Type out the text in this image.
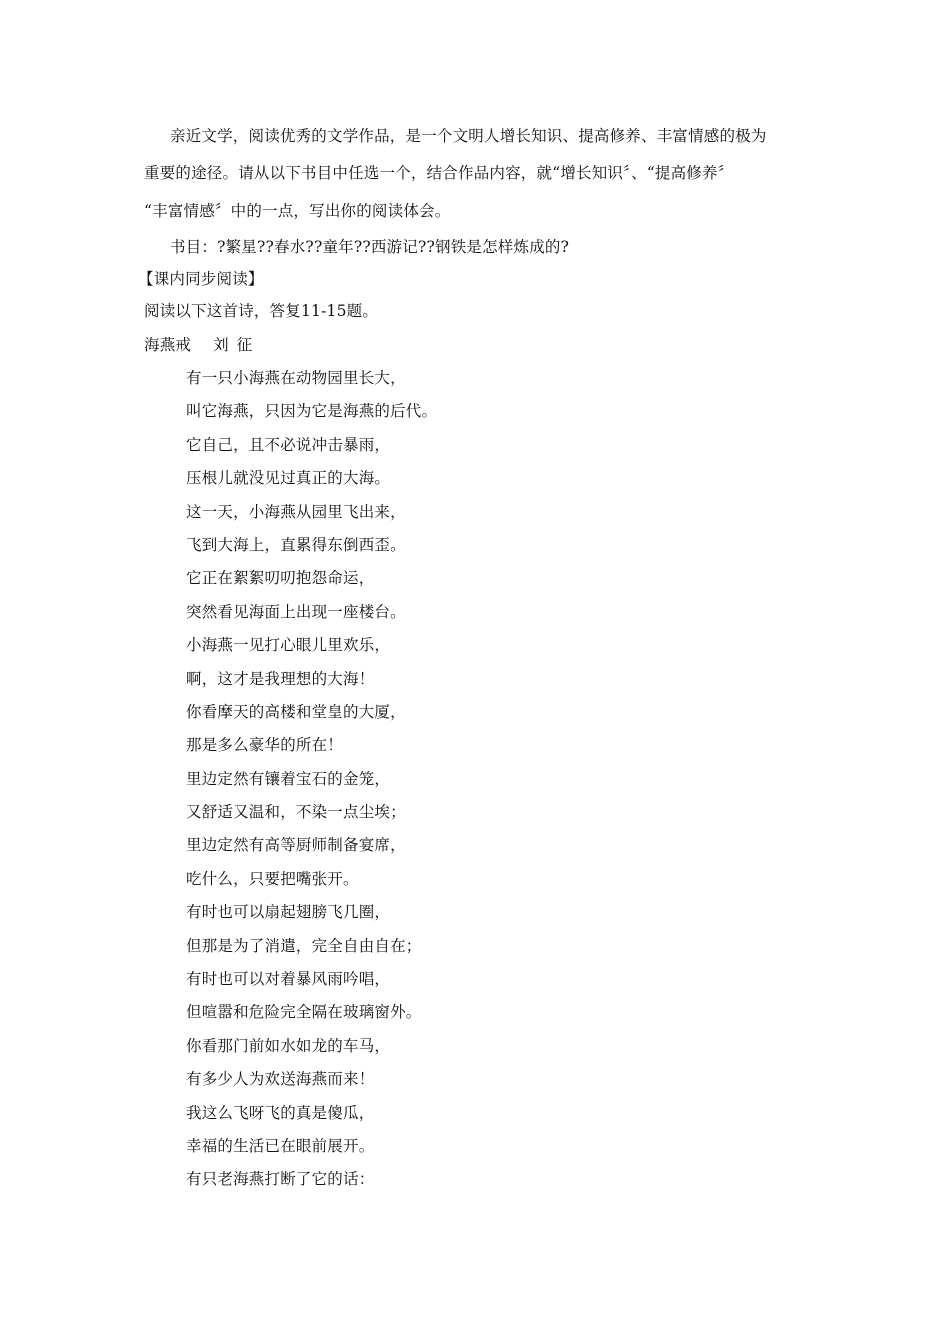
亲近文学，阅读优秀的文学作品，是一个文明人增长知识、提高修养、丰富情感的极为
重要的途径。请从以下书目中任选一个，结合作品内容，就“增长知识〞、“提高修养〞
“丰富情感〞中的一点，写出你的阅读体会。
书目：?繁星??春水??童年??西游记??钢铁是怎样炼成的?
【课内同步阅读】
阅读以下这首诗，答复11-15题。
海燕戒 刘征
有一只小海燕在动物园里长大，
叫它海燕，只因为它是海燕的后代。
它自己，且不必说冲击暴雨，
压根儿就没见过真正的大海。
这一天，小海燕从园里飞出来，
飞到大海上，直累得东倒西歪。
它正在絮絮叨叨抱怨命运，
突然看见海面上出现一座楼台。
小海燕一见打心眼儿里欢乐，
啊，这才是我理想的大海！
你看摩天的高楼和堂皇的大厦，
那是多么豪华的所在！
里边定然有镶着宝石的金笼，
又舒适又温和，不染一点尘埃；
里边定然有高等厨师制备宴席，
吃什么，只要把嘴张开。
有时也可以扇起翅膀飞几圈，
但那是为了消遣，完全自由自在；
有时也可以对着暴风雨吟唱，
但喧嚣和危险完全隔在玻璃窗外。
你看那门前如水如龙的车马，
有多少人为欢送海燕而来！
我这么飞呀飞的真是傻瓜，
幸福的生活已在眼前展开。
有只老海燕打断了它的话：
